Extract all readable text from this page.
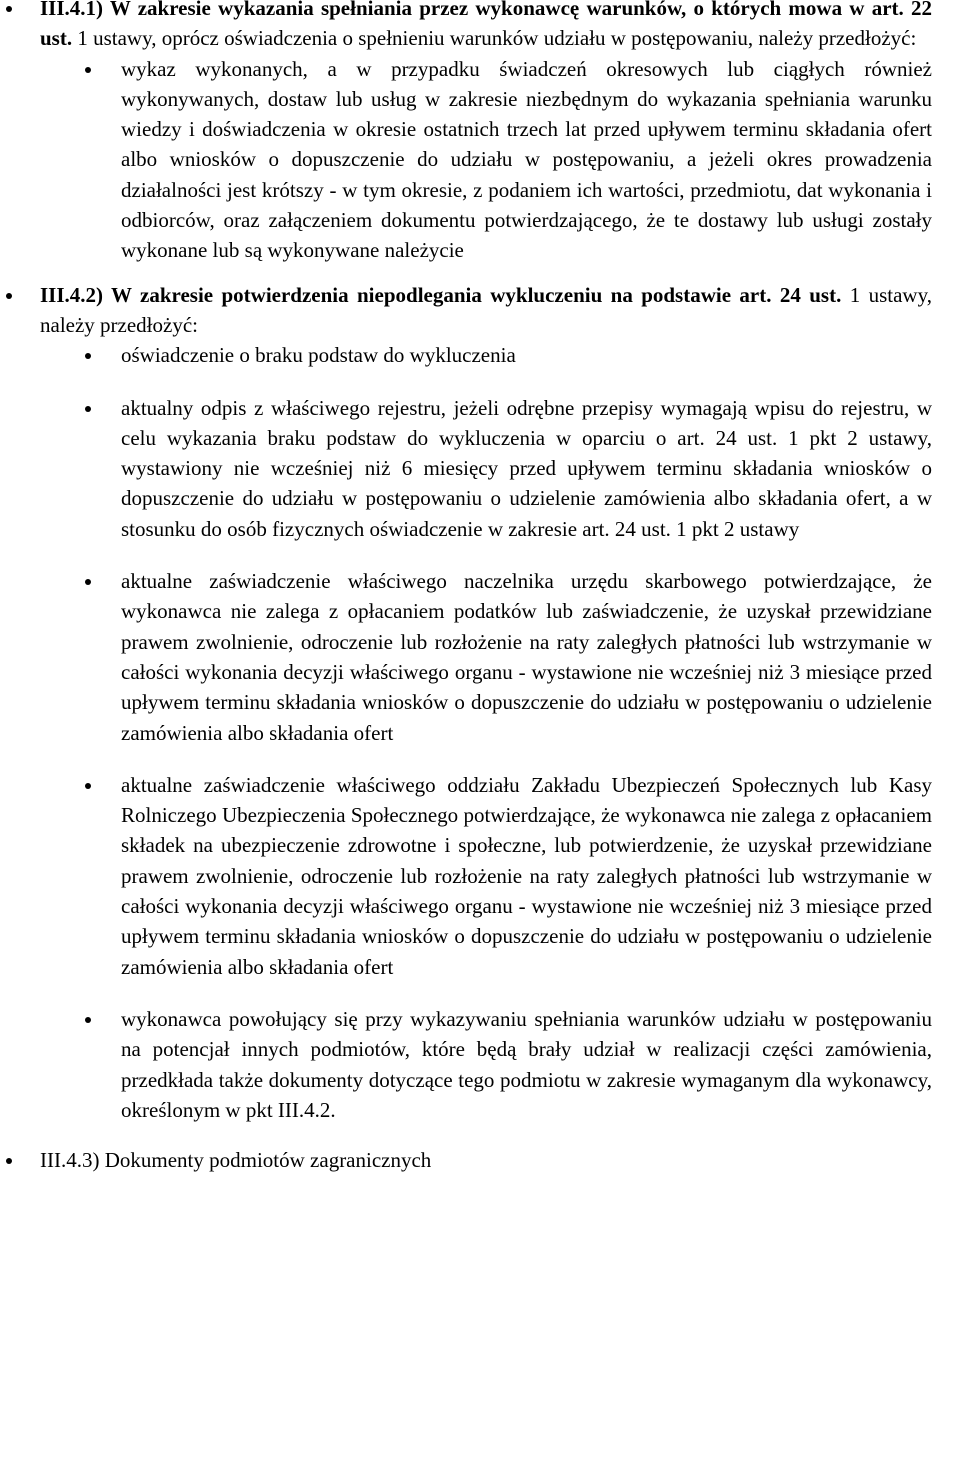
III.4.1) W zakresie wykazania spełniania przez wykonawcę warunków, o których mowa w art. 22 ust. 1 ustawy, oprócz oświadczenia o spełnieniu warunków udziału w postępowaniu, należy przedłożyć:
wykaz wykonanych, a w przypadku świadczeń okresowych lub ciągłych również wykonywanych, dostaw lub usług w zakresie niezbędnym do wykazania spełniania warunku wiedzy i doświadczenia w okresie ostatnich trzech lat przed upływem terminu składania ofert albo wniosków o dopuszczenie do udziału w postępowaniu, a jeżeli okres prowadzenia działalności jest krótszy - w tym okresie, z podaniem ich wartości, przedmiotu, dat wykonania i odbiorców, oraz załączeniem dokumentu potwierdzającego, że te dostawy lub usługi zostały wykonane lub są wykonywane należycie
III.4.2) W zakresie potwierdzenia niepodlegania wykluczeniu na podstawie art. 24 ust. 1 ustawy, należy przedłożyć:
oświadczenie o braku podstaw do wykluczenia
aktualny odpis z właściwego rejestru, jeżeli odrębne przepisy wymagają wpisu do rejestru, w celu wykazania braku podstaw do wykluczenia w oparciu o art. 24 ust. 1 pkt 2 ustawy, wystawiony nie wcześniej niż 6 miesięcy przed upływem terminu składania wniosków o dopuszczenie do udziału w postępowaniu o udzielenie zamówienia albo składania ofert, a w stosunku do osób fizycznych oświadczenie w zakresie art. 24 ust. 1 pkt 2 ustawy
aktualne zaświadczenie właściwego naczelnika urzędu skarbowego potwierdzające, że wykonawca nie zalega z opłacaniem podatków lub zaświadczenie, że uzyskał przewidziane prawem zwolnienie, odroczenie lub rozłożenie na raty zaległych płatności lub wstrzymanie w całości wykonania decyzji właściwego organu - wystawione nie wcześniej niż 3 miesiące przed upływem terminu składania wniosków o dopuszczenie do udziału w postępowaniu o udzielenie zamówienia albo składania ofert
aktualne zaświadczenie właściwego oddziału Zakładu Ubezpieczeń Społecznych lub Kasy Rolniczego Ubezpieczenia Społecznego potwierdzające, że wykonawca nie zalega z opłacaniem składek na ubezpieczenie zdrowotne i społeczne, lub potwierdzenie, że uzyskał przewidziane prawem zwolnienie, odroczenie lub rozłożenie na raty zaległych płatności lub wstrzymanie w całości wykonania decyzji właściwego organu - wystawione nie wcześniej niż 3 miesiące przed upływem terminu składania wniosków o dopuszczenie do udziału w postępowaniu o udzielenie zamówienia albo składania ofert
wykonawca powołujący się przy wykazywaniu spełniania warunków udziału w postępowaniu na potencjał innych podmiotów, które będą brały udział w realizacji części zamówienia, przedkłada także dokumenty dotyczące tego podmiotu w zakresie wymaganym dla wykonawcy, określonym w pkt III.4.2.
III.4.3) Dokumenty podmiotów zagranicznych
